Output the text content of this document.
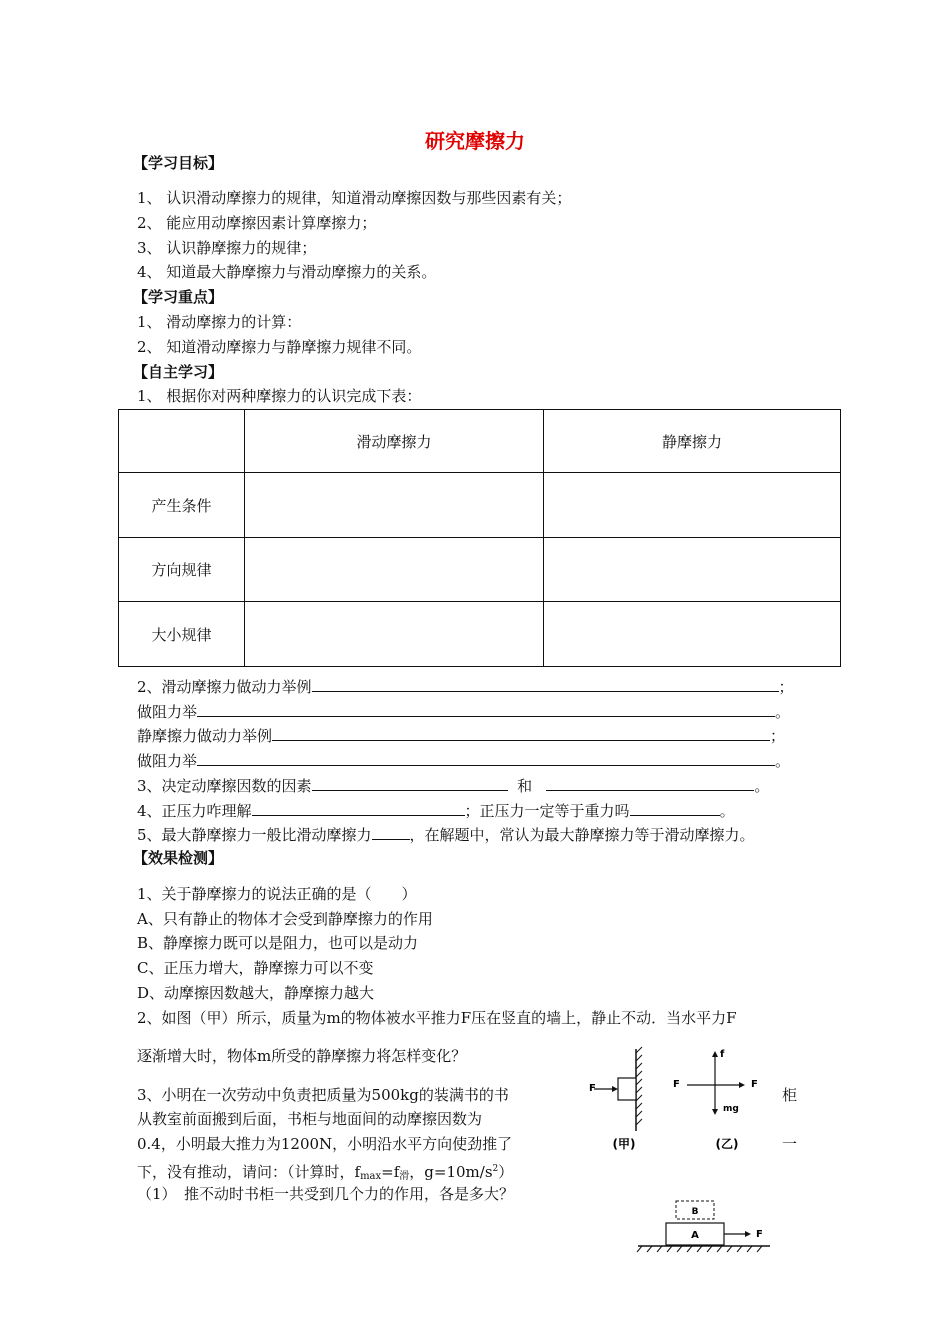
研究摩擦力
【学习目标】
1、 认识滑动摩擦力的规律，知道滑动摩擦因数与那些因素有关；
2、 能应用动摩擦因素计算摩擦力；
3、 认识静摩擦力的规律；
4、 知道最大静摩擦力与滑动摩擦力的关系。
【学习重点】
1、 滑动摩擦力的计算：
2、 知道滑动摩擦力与静摩擦力规律不同。
【自主学习】
1、 根据你对两种摩擦力的认识完成下表：
	滑动摩擦力	静摩擦力
产生条件		
方向规律		
大小规律		
2、滑动摩擦力做动力举例	；
做阻力举	。
静摩擦力做动力举例	；
做阻力举	。
3、决定动摩擦因数的因素	和	。
4、正压力咋理解	；正压力一定等于重力吗	。
5、最大静摩擦力一般比滑动摩擦力	，在解题中，常认为最大静摩擦力等于滑动摩擦力。
【效果检测】
1、关于静摩擦力的说法正确的是（　　）
A、只有静止的物体才会受到静摩擦力的作用
B、静摩擦力既可以是阻力，也可以是动力
C、正压力增大，静摩擦力可以不变
D、动摩擦因数越大，静摩擦力越大
2、如图（甲）所示，质量为m的物体被水平推力F压在竖直的墙上，静止不动．当水平力F
逐渐增大时，物体m所受的静摩擦力将怎样变化？
3、小明在一次劳动中负责把质量为500kg的装满书的书	柜
从教室前面搬到后面，书柜与地面间的动摩擦因数为
0.4，小明最大推力为1200N，小明沿水平方向使劲推了	一
下，没有推动，请问：（计算时，$f_{max}=f_滑$，$g=10m/s^2$）
（1）　推不动时书柜一共受到几个力的作用，各是多大？
F
(甲)
f
F	F
mg
(乙)
B
A	F
